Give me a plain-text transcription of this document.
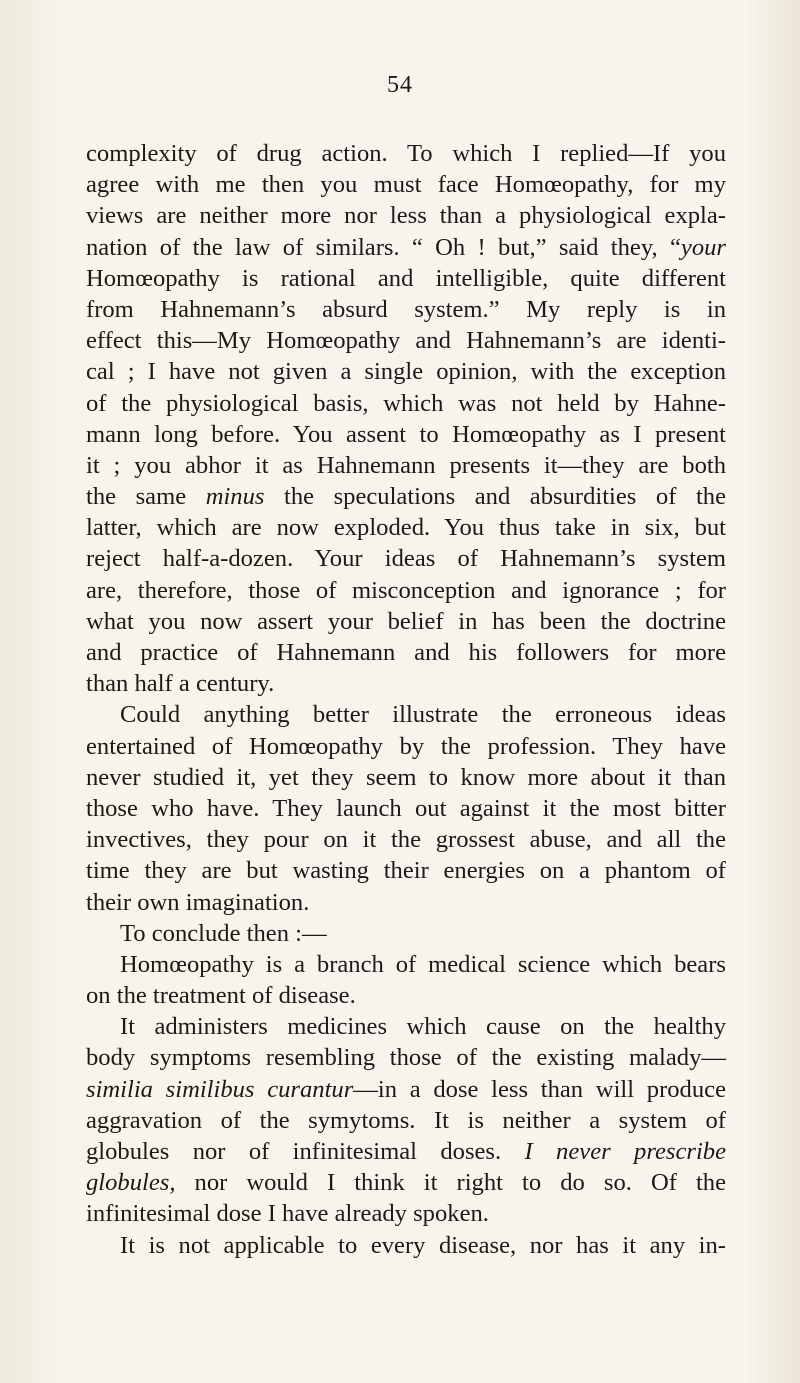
54
complexity of drug action. To which I replied—If you
agree with me then you must face Homœopathy, for my
views are neither more nor less than a physiological expla-
nation of the law of similars. “ Oh ! but,” said they, “your
Homœopathy is rational and intelligible, quite different
from Hahnemann’s absurd system.” My reply is in
effect this—My Homœopathy and Hahnemann’s are identi-
cal ; I have not given a single opinion, with the exception
of the physiological basis, which was not held by Hahne-
mann long before. You assent to Homœopathy as I present
it ; you abhor it as Hahnemann presents it—they are both
the same minus the speculations and absurdities of the
latter, which are now exploded. You thus take in six, but
reject half-a-dozen. Your ideas of Hahnemann’s system
are, therefore, those of misconception and ignorance ; for
what you now assert your belief in has been the doctrine
and practice of Hahnemann and his followers for more
than half a century.
Could anything better illustrate the erroneous ideas
entertained of Homœopathy by the profession. They have
never studied it, yet they seem to know more about it than
those who have. They launch out against it the most bitter
invectives, they pour on it the grossest abuse, and all the
time they are but wasting their energies on a phantom of
their own imagination.
To conclude then :—
Homœopathy is a branch of medical science which bears
on the treatment of disease.
It administers medicines which cause on the healthy
body symptoms resembling those of the existing malady—
similia similibus curantur—in a dose less than will produce
aggravation of the symytoms. It is neither a system of
globules nor of infinitesimal doses. I never prescribe
globules, nor would I think it right to do so. Of the
infinitesimal dose I have already spoken.
It is not applicable to every disease, nor has it any in-
